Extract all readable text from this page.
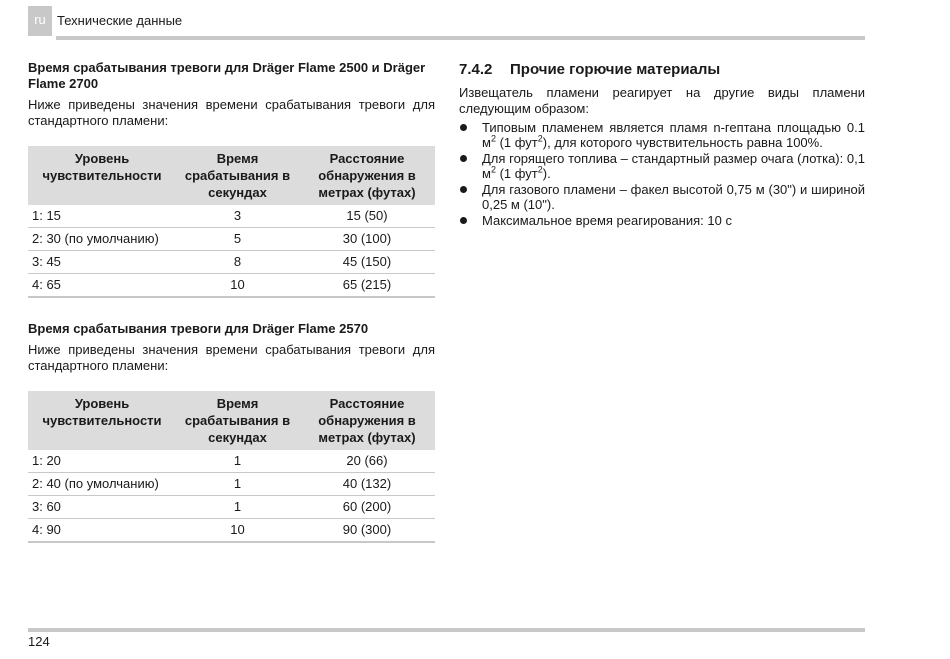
ru Технические данные
Время срабатывания тревоги для Dräger Flame 2500 и Dräger Flame 2700

Ниже приведены значения времени срабатывания тревоги для стандартного пламени:

Уровень чувствительности	Время срабатывания в секундах	Расстояние обнаружения в метрах (футах)
1: 15	3	15 (50)
2: 30 (по умолчанию)	5	30 (100)
3: 45	8	45 (150)
4: 65	10	65 (215)
Время срабатывания тревоги для Dräger Flame 2570

Ниже приведены значения времени срабатывания тревоги для стандартного пламени:

Уровень чувствительности	Время срабатывания в секундах	Расстояние обнаружения в метрах (футах)
1: 20	1	20 (66)
2: 40 (по умолчанию)	1	40 (132)
3: 60	1	60 (200)
4: 90	10	90 (300)
7.4.2 Прочие горючие материалы

Извещатель пламени реагирует на другие виды пламени следующим образом:

Типовым пламенем является пламя n-гептана площадью 0.1 $м^2$ (1 фут$^2$), для которого чувствительность равна 100%.
Для горящего топлива – стандартный размер очага (лотка): 0,1 $м^2$ (1 фут$^2$).
Для газового пламени – факел высотой 0,75 м (30") и шириной 0,25 м (10").
Максимальное время реагирования: 10 с
124
